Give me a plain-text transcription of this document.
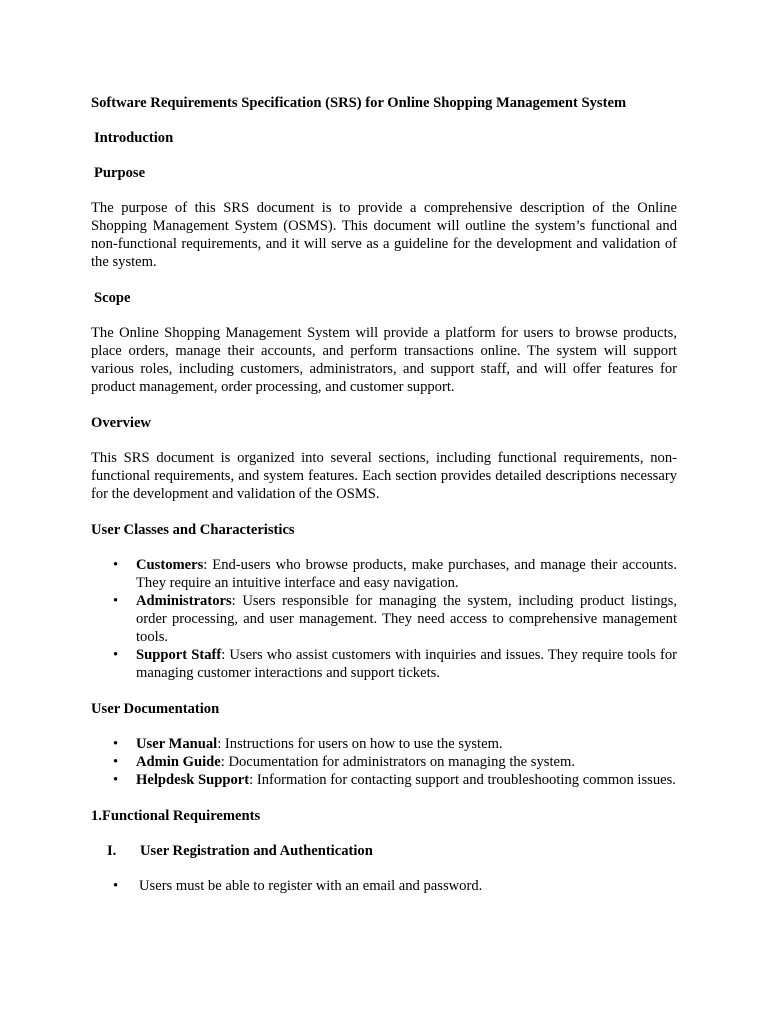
Software Requirements Specification (SRS) for Online Shopping Management System
Introduction
Purpose
The purpose of this SRS document is to provide a comprehensive description of the Online Shopping Management System (OSMS). This document will outline the system’s functional and non-functional requirements, and it will serve as a guideline for the development and validation of the system.
Scope
The Online Shopping Management System will provide a platform for users to browse products, place orders, manage their accounts, and perform transactions online. The system will support various roles, including customers, administrators, and support staff, and will offer features for product management, order processing, and customer support.
Overview
This SRS document is organized into several sections, including functional requirements, non-functional requirements, and system features. Each section provides detailed descriptions necessary for the development and validation of the OSMS.
User Classes and Characteristics
• Customers: End-users who browse products, make purchases, and manage their accounts. They require an intuitive interface and easy navigation.
• Administrators: Users responsible for managing the system, including product listings, order processing, and user management. They need access to comprehensive management tools.
• Support Staff: Users who assist customers with inquiries and issues. They require tools for managing customer interactions and support tickets.
User Documentation
• User Manual: Instructions for users on how to use the system.
• Admin Guide: Documentation for administrators on managing the system.
• Helpdesk Support: Information for contacting support and troubleshooting common issues.
1.Functional Requirements
I. User Registration and Authentication
• Users must be able to register with an email and password.
